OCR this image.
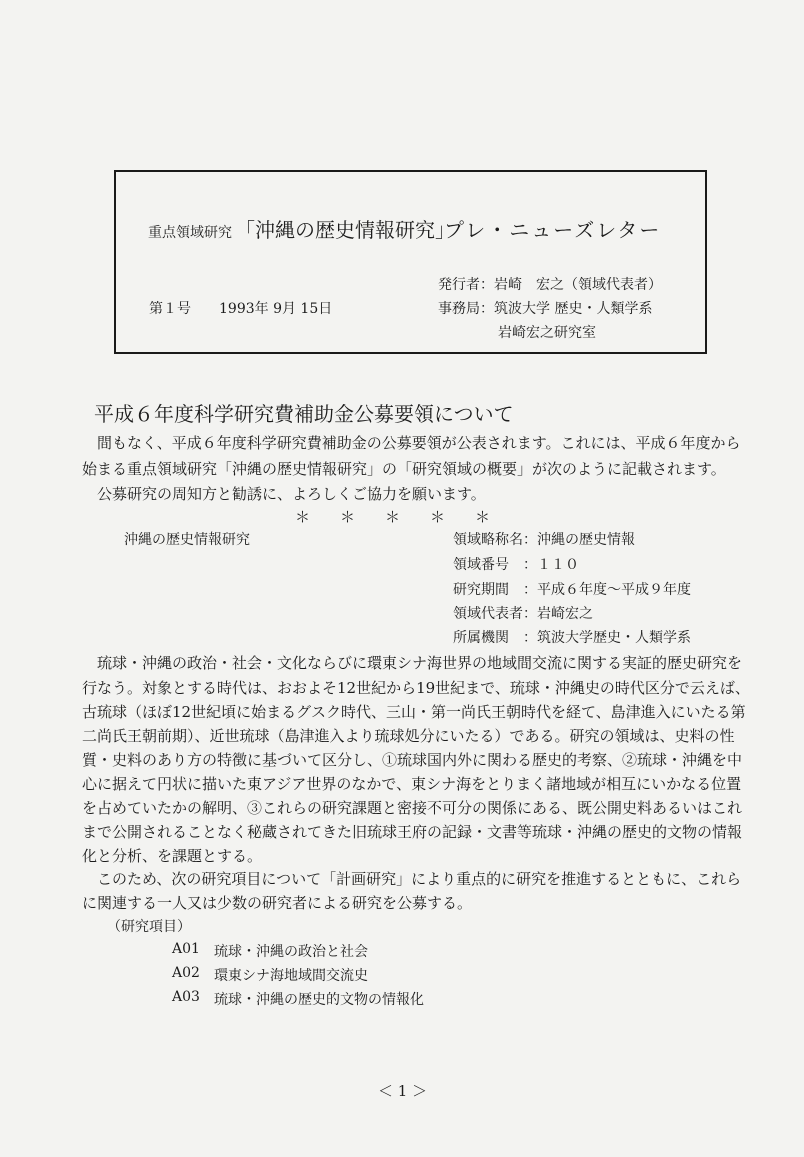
重点領域研究 「沖縄の歴史情報研究」
プレ・ニューズレター
発行者：岩崎　宏之（領域代表者）
第１号　　1993年 9月 15日	事務局：筑波大学 歴史・人類学系
岩崎宏之研究室
平成６年度科学研究費補助金公募要領について
　間もなく、平成６年度科学研究費補助金の公募要領が公表されます。これには、平成６年度から
始まる重点領域研究「沖縄の歴史情報研究」の「研究領域の概要」が次のように記載されます。
　公募研究の周知方と勧誘に、よろしくご協力を願います。
＊　　＊　　＊　　＊　　＊
沖縄の歴史情報研究	領域略称名：沖縄の歴史情報
領域番号　：１１０
研究期間　：平成６年度～平成９年度
領域代表者：岩崎宏之
所属機関　：筑波大学歴史・人類学系
　琉球・沖縄の政治・社会・文化ならびに環東シナ海世界の地域間交流に関する実証的歴史研究を
行なう。対象とする時代は、おおよそ12世紀から19世紀まで、琉球・沖縄史の時代区分で云えば、
古琉球（ほぼ12世紀頃に始まるグスク時代、三山・第一尚氏王朝時代を経て、島津進入にいたる第
二尚氏王朝前期）、近世琉球（島津進入より琉球処分にいたる）である。研究の領域は、史料の性
質・史料のあり方の特徴に基づいて区分し、①琉球国内外に関わる歴史的考察、②琉球・沖縄を中
心に据えて円状に描いた東アジア世界のなかで、東シナ海をとりまく諸地域が相互にいかなる位置
を占めていたかの解明、③これらの研究課題と密接不可分の関係にある、既公開史料あるいはこれ
まで公開されることなく秘蔵されてきた旧琉球王府の記録・文書等琉球・沖縄の歴史的文物の情報
化と分析、を課題とする。
　このため、次の研究項目について「計画研究」により重点的に研究を推進するとともに、これら
に関連する一人又は少数の研究者による研究を公募する。
（研究項目）
A01 琉球・沖縄の政治と社会
A02 環東シナ海地域間交流史
A03 琉球・沖縄の歴史的文物の情報化
＜ 1 ＞
